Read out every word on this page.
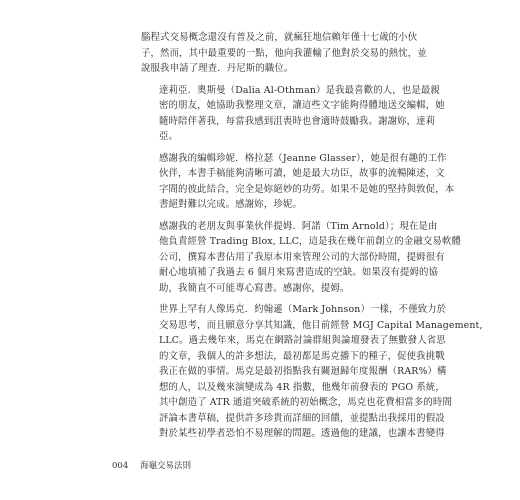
腦程式交易概念還沒有普及之前，就瘋狂地信賴年僅十七歲的小伙
子，然而，其中最重要的一點，他向我灌輸了他對於交易的熱忱，並
說服我申請了理查．丹尼斯的職位。

達莉亞．奧斯曼（Dalia Al-Othman）是我最喜歡的人，也是最親
密的朋友，她協助我整理文章，讓這些文字能夠得體地送交編輯，她
隨時陪伴著我，每當我感到沮喪時也會適時鼓勵我。謝謝妳，達莉
亞。

感謝我的編輯珍妮．格拉瑟（Jeanne Glasser），她是很有趣的工作
伙伴，本書手稿能夠清晰可讀，她是最大功臣，故事的流暢陳述，文
字間的彼此結合，完全是妳絕妙的功勞。如果不是她的堅持與敦促，本
書絕對難以完成。感謝妳，珍妮。

感謝我的老朋友與事業伙伴提姆．阿諾（Tim Arnold）；現在是由
他負責經營 Trading Blox, LLC，這是我在幾年前創立的金融交易軟體
公司，撰寫本書佔用了我原本用來管理公司的大部份時間，提姆很有
耐心地填補了我過去 6 個月來寫書造成的空缺。如果沒有提姆的協
助，我簡直不可能專心寫書。感謝你，提姆。

世界上罕有人像馬克．約翰遜（Mark Johnson）一樣，不僅致力於
交易思考，而且願意分享其知識，他目前經營 MGJ Capital Management,
LLC。過去幾年來，馬克在網路討論群組與論壇發表了無數發人省思
的文章，我個人的許多想法，最初都是馬克播下的種子，促使我挑戰
我正在做的事情。馬克是最初指點我有關迴歸年度報酬（RAR%）構
想的人，以及幾來演變成為 4R 指數，他幾年前發表的 PGO 系統，
其中創造了 ATR 通道突破系統的初始概念，馬克也花費相當多的時間
評論本書草稿，提供許多珍貴而詳細的回饋，並提點出我採用的假設
對於某些初學者恐怕不易理解的問題。透過他的建議，也讓本書變得

004 海龜交易法則
